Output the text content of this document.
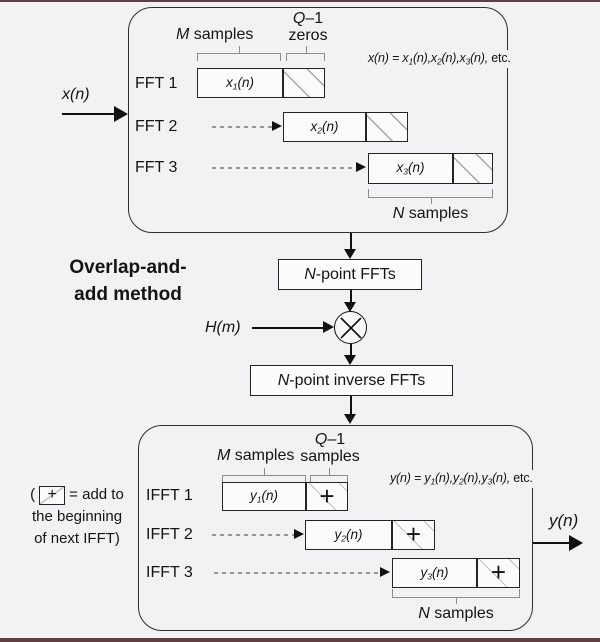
x(n)
M samples
Q–1
zeros
$x(n) = x_1(n),x_2(n),x_3(n)$, etc.
FFT 1	$x_1(n)$
FFT 2	$x_2(n)$
FFT 3	$x_3(n)$
N samples
Overlap-and-
add method
N-point FFTs
H(m)
N-point inverse FFTs
M samples
Q–1
samples
$y(n) = y_1(n),y_2(n),y_3(n)$, etc.
IFFT 1	$y_1(n)$ +
IFFT 2	$y_2(n)$ +
IFFT 3	$y_3(n)$ +
N samples
( + = add to
the beginning
of next IFFT)
y(n)
